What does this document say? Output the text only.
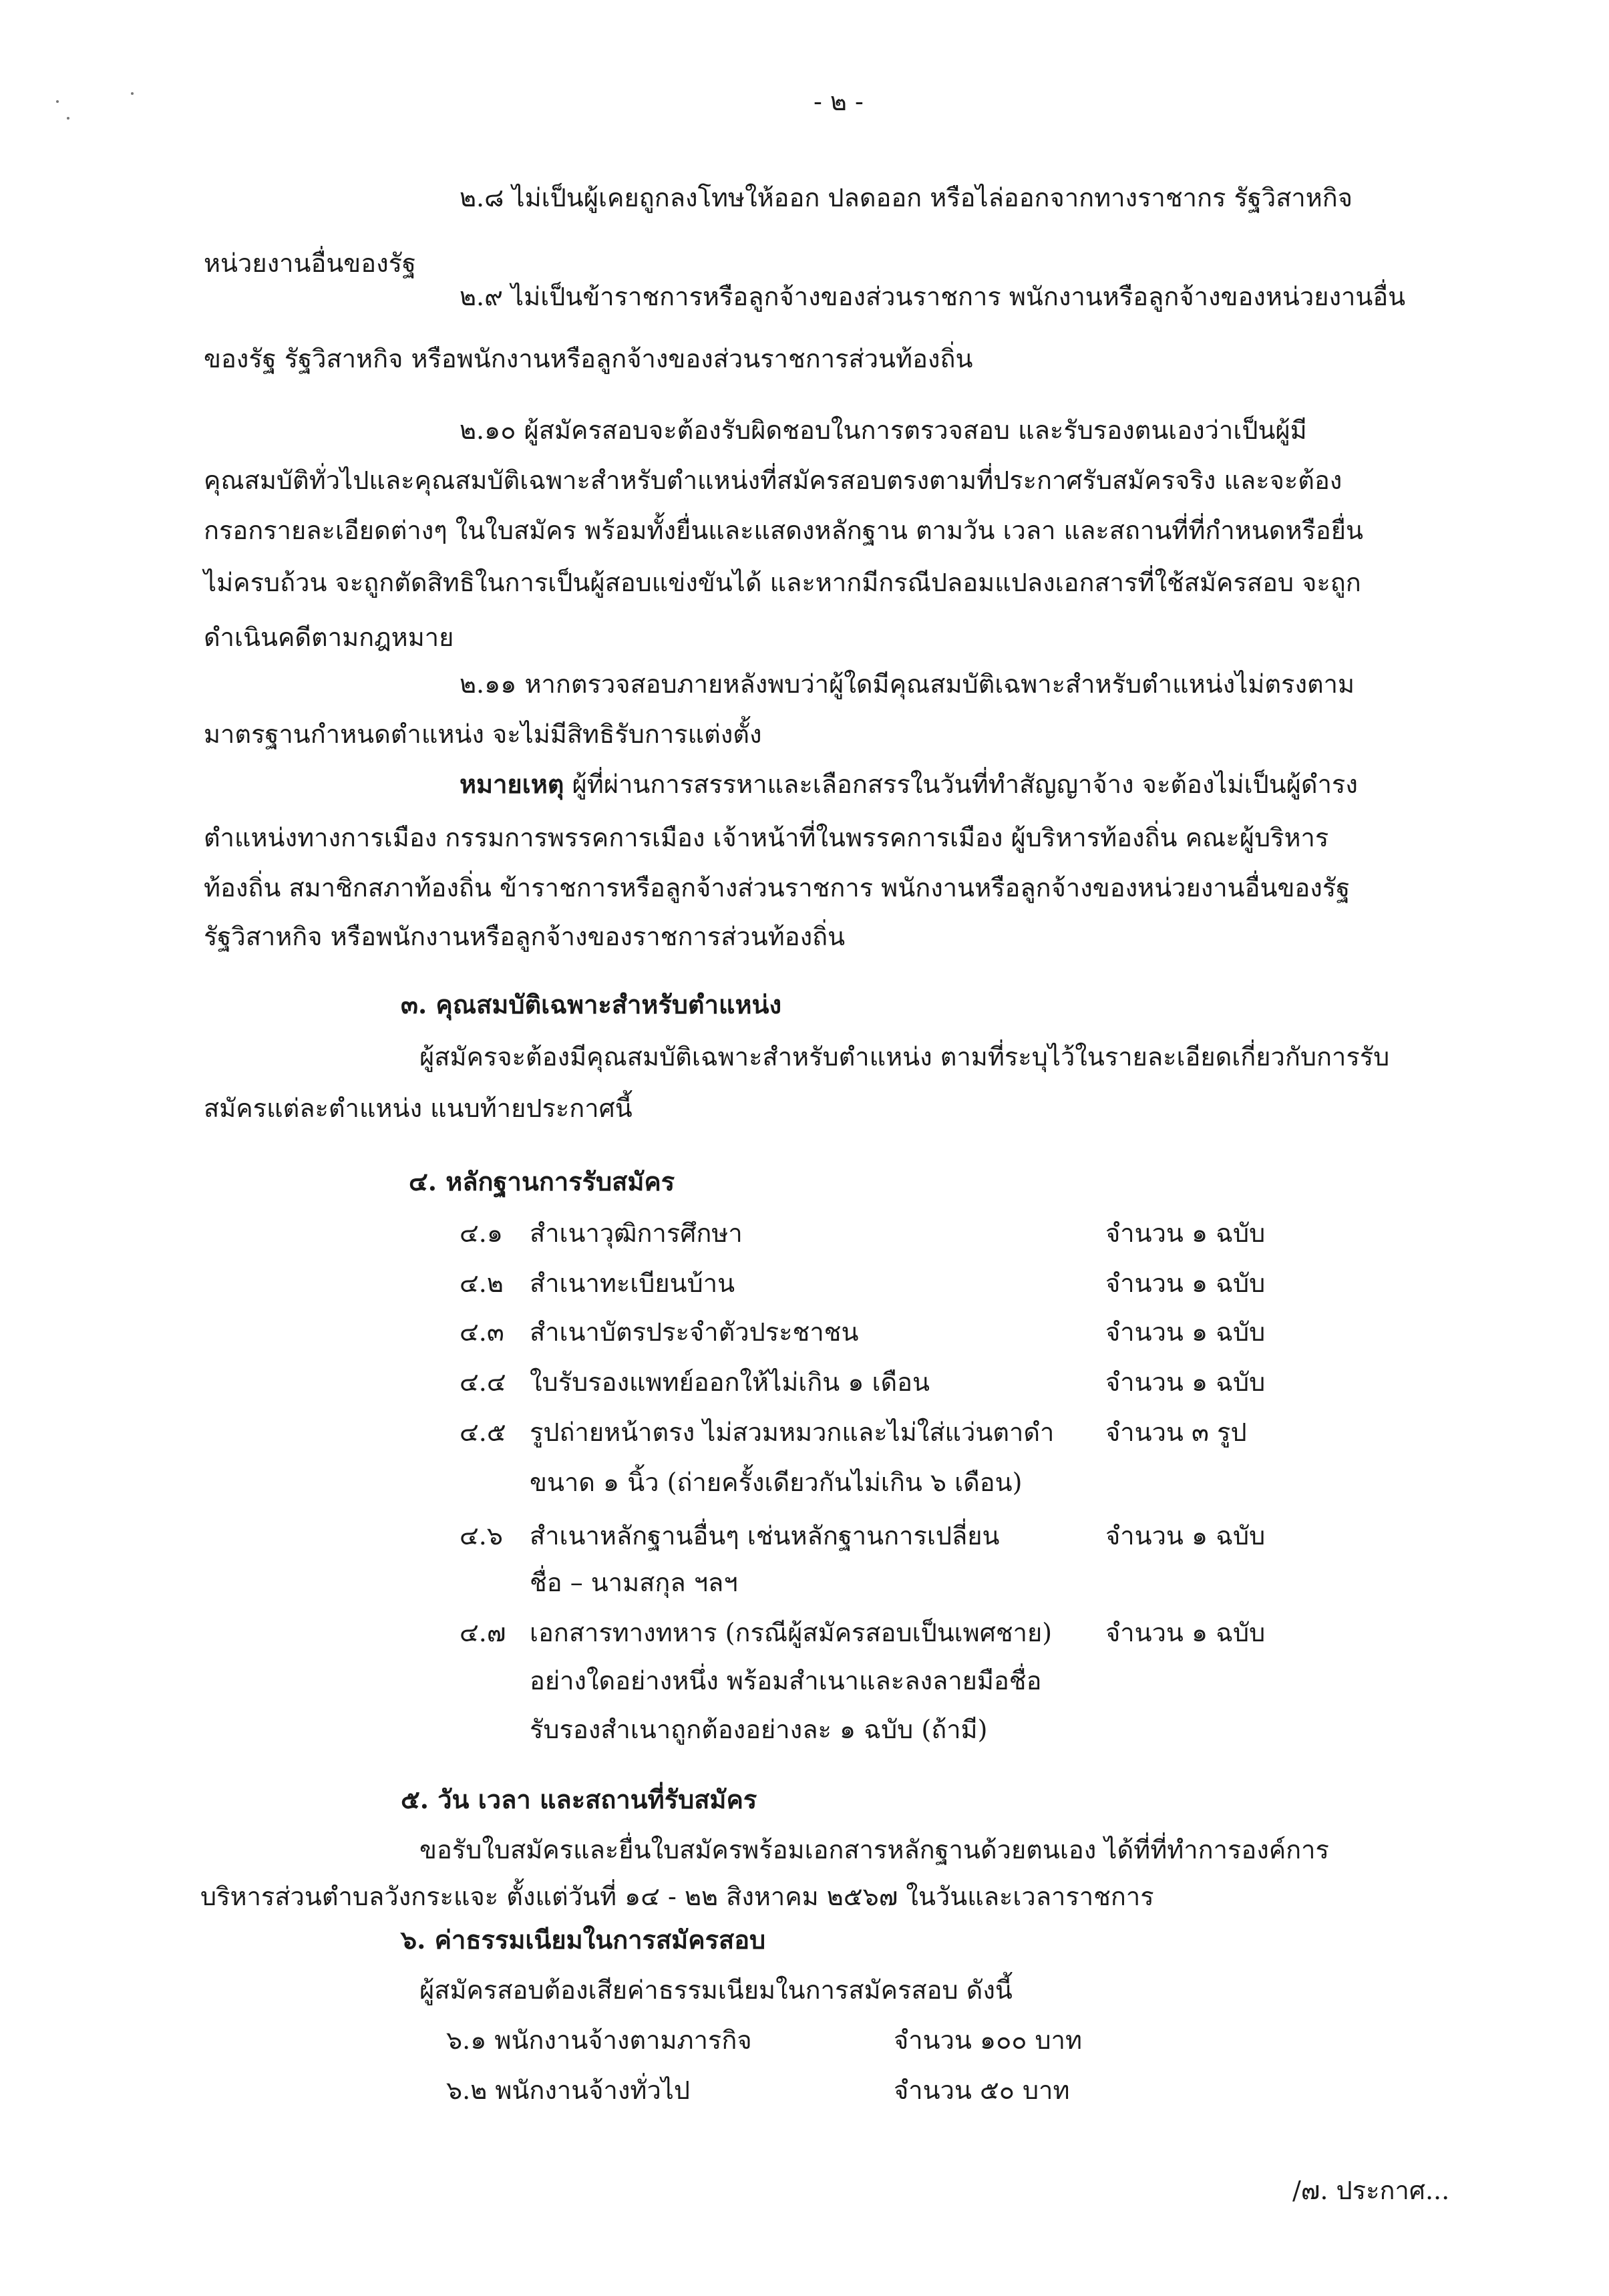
- ๒ -
๒.๘ ไม่เป็นผู้เคยถูกลงโทษให้ออก ปลดออก หรือไล่ออกจากทางราชากร รัฐวิสาหกิจ
หน่วยงานอื่นของรัฐ
๒.๙ ไม่เป็นข้าราชการหรือลูกจ้างของส่วนราชการ พนักงานหรือลูกจ้างของหน่วยงานอื่น
ของรัฐ รัฐวิสาหกิจ หรือพนักงานหรือลูกจ้างของส่วนราชการส่วนท้องถิ่น
๒.๑๐ ผู้สมัครสอบจะต้องรับผิดชอบในการตรวจสอบ และรับรองตนเองว่าเป็นผู้มี
คุณสมบัติทั่วไปและคุณสมบัติเฉพาะสำหรับตำแหน่งที่สมัครสอบตรงตามที่ประกาศรับสมัครจริง และจะต้อง
กรอกรายละเอียดต่างๆ ในใบสมัคร พร้อมทั้งยื่นและแสดงหลักฐาน ตามวัน เวลา และสถานที่ที่กำหนดหรือยื่น
ไม่ครบถ้วน จะถูกตัดสิทธิในการเป็นผู้สอบแข่งขันได้ และหากมีกรณีปลอมแปลงเอกสารที่ใช้สมัครสอบ จะถูก
ดำเนินคดีตามกฎหมาย
๒.๑๑ หากตรวจสอบภายหลังพบว่าผู้ใดมีคุณสมบัติเฉพาะสำหรับตำแหน่งไม่ตรงตาม
มาตรฐานกำหนดตำแหน่ง จะไม่มีสิทธิรับการแต่งตั้ง
หมายเหตุ ผู้ที่ผ่านการสรรหาและเลือกสรรในวันที่ทำสัญญาจ้าง จะต้องไม่เป็นผู้ดำรง
ตำแหน่งทางการเมือง กรรมการพรรคการเมือง เจ้าหน้าที่ในพรรคการเมือง ผู้บริหารท้องถิ่น คณะผู้บริหาร
ท้องถิ่น สมาชิกสภาท้องถิ่น ข้าราชการหรือลูกจ้างส่วนราชการ พนักงานหรือลูกจ้างของหน่วยงานอื่นของรัฐ
รัฐวิสาหกิจ หรือพนักงานหรือลูกจ้างของราชการส่วนท้องถิ่น
๓. คุณสมบัติเฉพาะสำหรับตำแหน่ง
ผู้สมัครจะต้องมีคุณสมบัติเฉพาะสำหรับตำแหน่ง ตามที่ระบุไว้ในรายละเอียดเกี่ยวกับการรับ
สมัครแต่ละตำแหน่ง แนบท้ายประกาศนี้
๔. หลักฐานการรับสมัคร
๔.๑ สำเนาวุฒิการศึกษา	จำนวน ๑ ฉบับ
๔.๒ สำเนาทะเบียนบ้าน	จำนวน ๑ ฉบับ
๔.๓ สำเนาบัตรประจำตัวประชาชน	จำนวน ๑ ฉบับ
๔.๔ ใบรับรองแพทย์ออกให้ไม่เกิน ๑ เดือน	จำนวน ๑ ฉบับ
๔.๕ รูปถ่ายหน้าตรง ไม่สวมหมวกและไม่ใส่แว่นตาดำ จำนวน ๓ รูป
ขนาด ๑ นิ้ว (ถ่ายครั้งเดียวกันไม่เกิน ๖ เดือน)
๔.๖ สำเนาหลักฐานอื่นๆ เช่นหลักฐานการเปลี่ยน	จำนวน ๑ ฉบับ
ชื่อ – นามสกุล ฯลฯ
๔.๗ เอกสารทางทหาร (กรณีผู้สมัครสอบเป็นเพศชาย) จำนวน ๑ ฉบับ
อย่างใดอย่างหนึ่ง พร้อมสำเนาและลงลายมือชื่อ
รับรองสำเนาถูกต้องอย่างละ ๑ ฉบับ (ถ้ามี)
๕. วัน เวลา และสถานที่รับสมัคร
ขอรับใบสมัครและยื่นใบสมัครพร้อมเอกสารหลักฐานด้วยตนเอง ได้ที่ที่ทำการองค์การ
บริหารส่วนตำบลวังกระแจะ ตั้งแต่วันที่ ๑๔ - ๒๒ สิงหาคม ๒๕๖๗ ในวันและเวลาราชการ
๖. ค่าธรรมเนียมในการสมัครสอบ
ผู้สมัครสอบต้องเสียค่าธรรมเนียมในการสมัครสอบ ดังนี้
๖.๑ พนักงานจ้างตามภารกิจ	จำนวน ๑๐๐ บาท
๖.๒ พนักงานจ้างทั่วไป	จำนวน ๕๐ บาท
/๗. ประกาศ...
